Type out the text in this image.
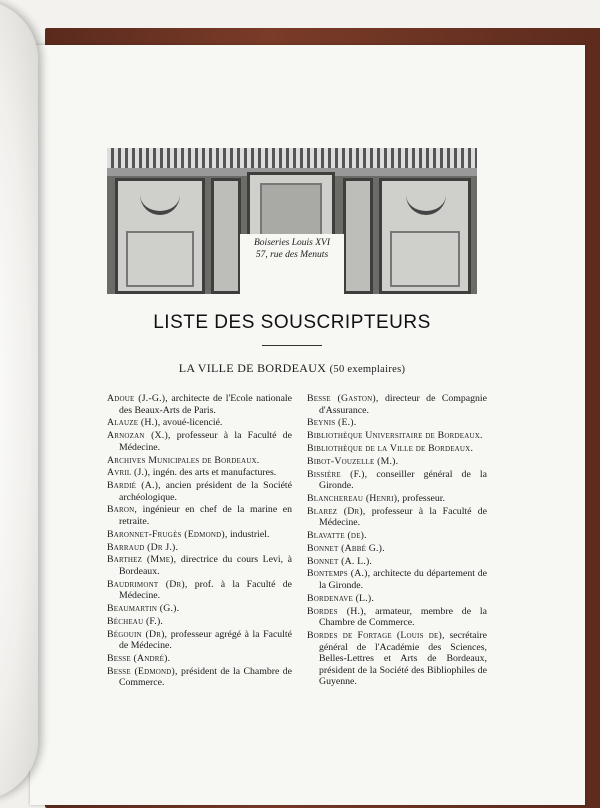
Boiseries Louis XVI
57, rue des Menuts
LISTE DES SOUSCRIPTEURS
LA VILLE DE BORDEAUX (50 exemplaires)
Adoue (J.-G.), architecte de l'Ecole nationale des Beaux-Arts de Paris.
Alauze (H.), avoué-licencié.
Arnozan (X.), professeur à la Faculté de Médecine.
Archives Municipales de Bordeaux.
Avril (J.), ingén. des arts et manufactures.
Bardié (A.), ancien président de la Société archéologique.
Baron, ingénieur en chef de la marine en retraite.
Baronnet-Frugès (Edmond), industriel.
Barraud (Dr J.).
Barthez (Mme), directrice du cours Levi, à Bordeaux.
Baudrimont (Dr), prof. à la Faculté de Médecine.
Beaumartin (G.).
Bécheau (F.).
Bégouin (Dr), professeur agrégé à la Faculté de Médecine.
Besse (André).
Besse (Edmond), président de la Chambre de Commerce.
Besse (Gaston), directeur de Compagnie d'Assurance.
Beynis (E.).
Bibliothèque Universitaire de Bordeaux.
Bibliothèque de la Ville de Bordeaux.
Bibot-Vouzelle (M.).
Bissière (F.), conseiller général de la Gironde.
Blanchereau (Henri), professeur.
Blarez (Dr), professeur à la Faculté de Médecine.
Blavatte (de).
Bonnet (Abbé G.).
Bonnet (A. L.).
Bontemps (A.), architecte du département de la Gironde.
Bordenave (L.).
Bordes (H.), armateur, membre de la Chambre de Commerce.
Bordes de Fortage (Louis de), secrétaire général de l'Académie des Sciences, Belles-Lettres et Arts de Bordeaux, président de la Société des Bibliophiles de Guyenne.
